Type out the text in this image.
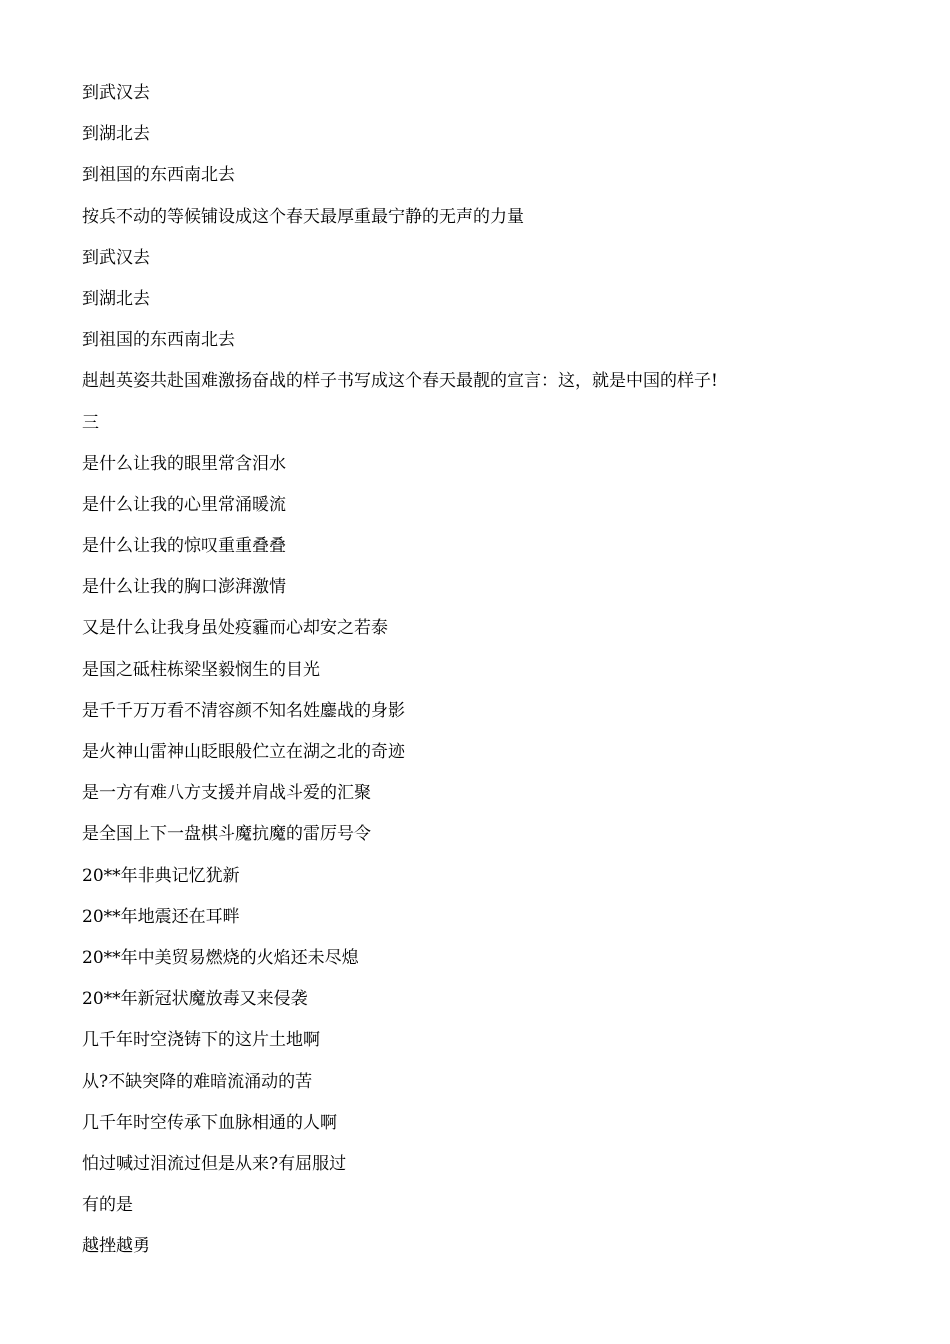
到武汉去

到湖北去

到祖国的东西南北去

按兵不动的等候铺设成这个春天最厚重最宁静的无声的力量

到武汉去

到湖北去

到祖国的东西南北去

赳赳英姿共赴国难激扬奋战的样子书写成这个春天最靓的宣言：这，就是中国的样子!

三

是什么让我的眼里常含泪水

是什么让我的心里常涌暖流

是什么让我的惊叹重重叠叠

是什么让我的胸口澎湃激情

又是什么让我身虽处疫霾而心却安之若泰

是国之砥柱栋梁坚毅悯生的目光

是千千万万看不清容颜不知名姓鏖战的身影

是火神山雷神山眨眼般伫立在湖之北的奇迹

是一方有难八方支援并肩战斗爱的汇聚

是全国上下一盘棋斗魔抗魔的雷厉号令

20**年非典记忆犹新

20**年地震还在耳畔

20**年中美贸易燃烧的火焰还未尽熄

20**年新冠状魔放毒又来侵袭

几千年时空浇铸下的这片土地啊

从?不缺突降的难暗流涌动的苦

几千年时空传承下血脉相通的人啊

怕过喊过泪流过但是从来?有屈服过

有的是

越挫越勇
